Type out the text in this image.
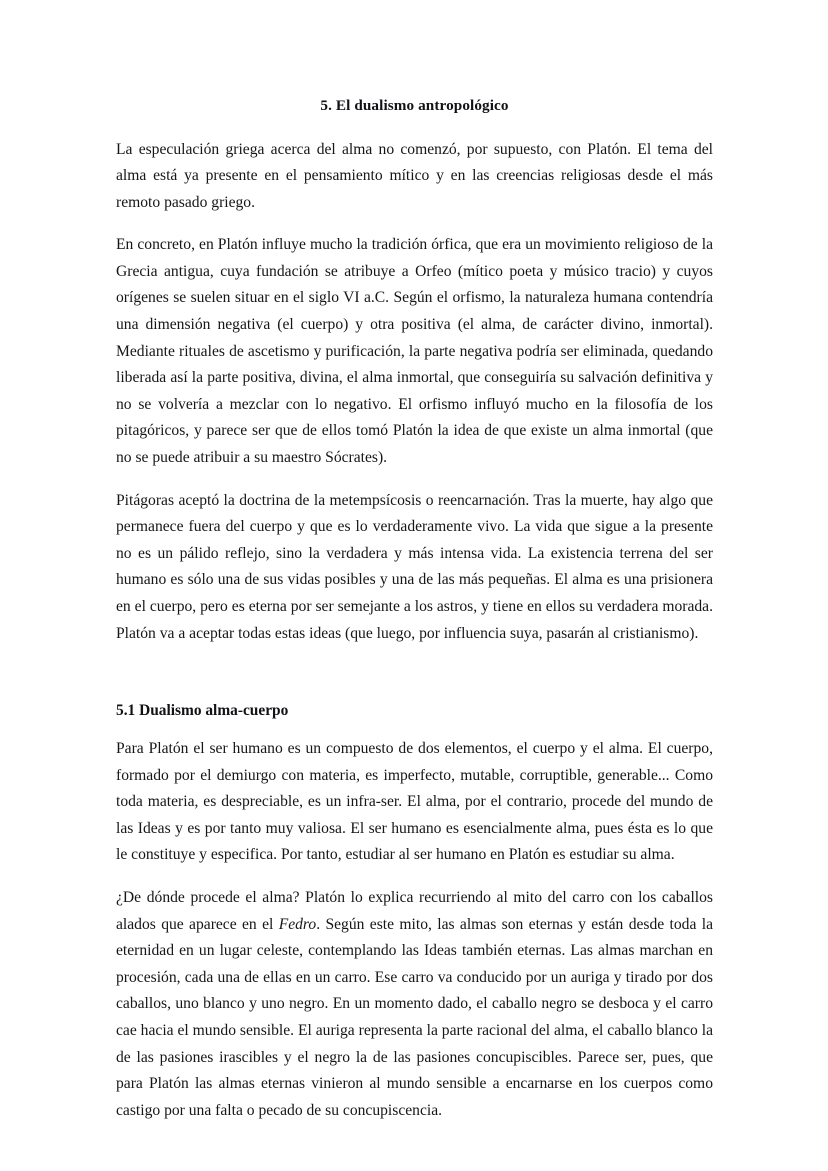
5. El dualismo antropológico

La especulación griega acerca del alma no comenzó, por supuesto, con Platón. El tema del alma está ya presente en el pensamiento mítico y en las creencias religiosas desde el más remoto pasado griego.

En concreto, en Platón influye mucho la tradición órfica, que era un movimiento religioso de la Grecia antigua, cuya fundación se atribuye a Orfeo (mítico poeta y músico tracio) y cuyos orígenes se suelen situar en el siglo VI a.C. Según el orfismo, la naturaleza humana contendría una dimensión negativa (el cuerpo) y otra positiva (el alma, de carácter divino, inmortal). Mediante rituales de ascetismo y purificación, la parte negativa podría ser eliminada, quedando liberada así la parte positiva, divina, el alma inmortal, que conseguiría su salvación definitiva y no se volvería a mezclar con lo negativo. El orfismo influyó mucho en la filosofía de los pitagóricos, y parece ser que de ellos tomó Platón la idea de que existe un alma inmortal (que no se puede atribuir a su maestro Sócrates).

Pitágoras aceptó la doctrina de la metempsícosis o reencarnación. Tras la muerte, hay algo que permanece fuera del cuerpo y que es lo verdaderamente vivo. La vida que sigue a la presente no es un pálido reflejo, sino la verdadera y más intensa vida. La existencia terrena del ser humano es sólo una de sus vidas posibles y una de las más pequeñas. El alma es una prisionera en el cuerpo, pero es eterna por ser semejante a los astros, y tiene en ellos su verdadera morada. Platón va a aceptar todas estas ideas (que luego, por influencia suya, pasarán al cristianismo).

5.1 Dualismo alma-cuerpo

Para Platón el ser humano es un compuesto de dos elementos, el cuerpo y el alma. El cuerpo, formado por el demiurgo con materia, es imperfecto, mutable, corruptible, generable... Como toda materia, es despreciable, es un infra-ser. El alma, por el contrario, procede del mundo de las Ideas y es por tanto muy valiosa. El ser humano es esencialmente alma, pues ésta es lo que le constituye y especifica. Por tanto, estudiar al ser humano en Platón es estudiar su alma.

¿De dónde procede el alma? Platón lo explica recurriendo al mito del carro con los caballos alados que aparece en el Fedro. Según este mito, las almas son eternas y están desde toda la eternidad en un lugar celeste, contemplando las Ideas también eternas. Las almas marchan en procesión, cada una de ellas en un carro. Ese carro va conducido por un auriga y tirado por dos caballos, uno blanco y uno negro. En un momento dado, el caballo negro se desboca y el carro cae hacia el mundo sensible. El auriga representa la parte racional del alma, el caballo blanco la de las pasiones irascibles y el negro la de las pasiones concupiscibles. Parece ser, pues, que para Platón las almas eternas vinieron al mundo sensible a encarnarse en los cuerpos como castigo por una falta o pecado de su concupiscencia.
